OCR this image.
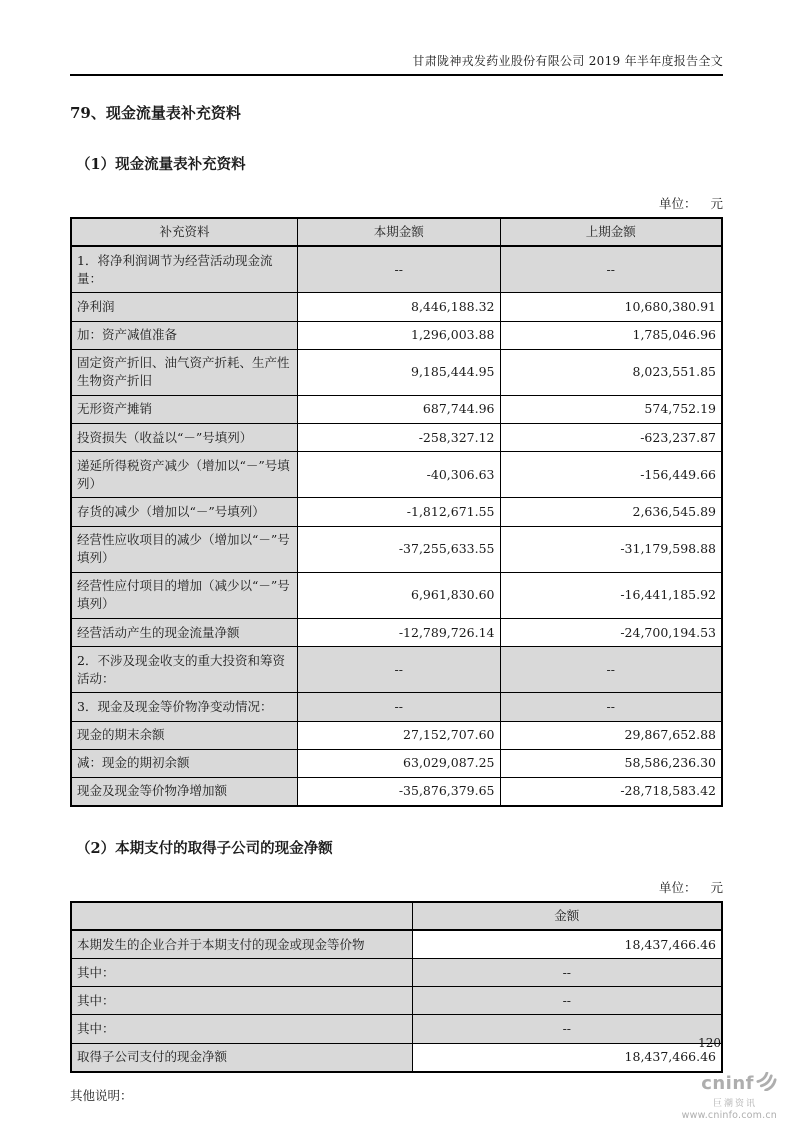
甘肃陇神戎发药业股份有限公司 2019 年半年度报告全文
79、现金流量表补充资料
（1）现金流量表补充资料
单位： 元
补充资料	本期金额	上期金额
1．将净利润调节为经营活动现金流量：	--	--
净利润	8,446,188.32	10,680,380.91
加：资产减值准备	1,296,003.88	1,785,046.96
固定资产折旧、油气资产折耗、生产性生物资产折旧	9,185,444.95	8,023,551.85
无形资产摊销	687,744.96	574,752.19
投资损失（收益以“－”号填列）	-258,327.12	-623,237.87
递延所得税资产减少（增加以“－”号填列）	-40,306.63	-156,449.66
存货的减少（增加以“－”号填列）	-1,812,671.55	2,636,545.89
经营性应收项目的减少（增加以“－”号填列）	-37,255,633.55	-31,179,598.88
经营性应付项目的增加（减少以“－”号填列）	6,961,830.60	-16,441,185.92
经营活动产生的现金流量净额	-12,789,726.14	-24,700,194.53
2．不涉及现金收支的重大投资和筹资活动：	--	--
3．现金及现金等价物净变动情况：	--	--
现金的期末余额	27,152,707.60	29,867,652.88
减：现金的期初余额	63,029,087.25	58,586,236.30
现金及现金等价物净增加额	-35,876,379.65	-28,718,583.42
（2）本期支付的取得子公司的现金净额
单位： 元
	金额
本期发生的企业合并于本期支付的现金或现金等价物	18,437,466.46
其中：	--
其中：	--
其中：	--
取得子公司支付的现金净额	18,437,466.46
其他说明：
120
cninf
巨潮资讯
www.cninfo.com.cn
